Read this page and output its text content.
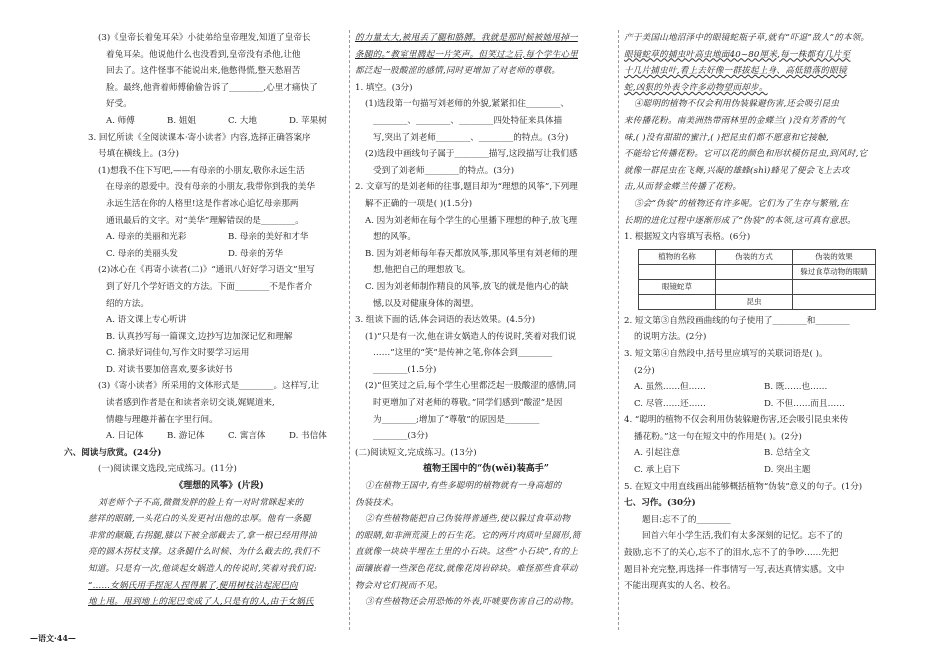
(3)《皇帝长着兔耳朵》小徒弟给皇帝理发,知道了皇帝长
着兔耳朵。他说他什么也没看到,皇帝没有杀他,让他
回去了。这件怪事不能说出来,他憋得慌,整天愁眉苦
脸。最终,他背着师傅偷偷告诉了________,心里才痛快了
好受。
A. 师傅	B. 姐姐	C. 大地	D. 苹果树
3. 回忆所读《全阅读课本·寄小读者》内容,选择正确答案序
号填在横线上。(3分)
(1)想我不住下写吧,——有母亲的小朋友,敬你永远生活
在母亲的恩爱中。没有母亲的小朋友,我带你到我的美华
永远生活在你的人格里!这是作者冰心追忆母亲那两
通讯最后的文字。对“美华”理解错误的是________。
A. 母亲的美丽和光彩	B. 母亲的美好和才华
C. 母亲的美丽头发	D. 母亲的芳华
(2)冰心在《再寄小读者(二)》“通讯八好好学习语文”里写
到了好几个学好语文的方法。下面________不是作者介
绍的方法。
A. 语文课上专心听讲
B. 认真抄写每一篇课文,边抄写边加深记忆和理解
C. 摘录好词佳句,写作文时要学习运用
D. 对读书要加倍喜欢,要多读好书
(3)《寄小读者》所采用的文体形式是________。这样写,让
读者感到作者是在和读者亲切交谈,娓娓道来,
情趣与理趣并蓄在字里行间。
A. 日记体	B. 游记体	C. 寓言体	D. 书信体
六、阅读与欣赏。(24分)
(一)阅读课文选段,完成练习。(11分)
《理想的风筝》(片段)
刘老师个子不高,微微发胖的脸上有一对时常眯起来的
慈祥的眼睛,一头花白的头发更衬出他的忠厚。他有一条腿
非常的颠簸,右拐腿,膝以下被全部截去了,拿一根已经用得油
亮的圆木拐杖支撑。这条腿什么时候、为什么截去的,我们不
知道。只是有一次,他谈起女娲造人的传说时,笑着对我们说:
“……女娲氏用手捏泥人捏得累了,便用树枝沾起泥巴向
地上甩。甩到地上的泥巴变成了人,只是有的人,由于女娲氏
的力量太大,被甩丢了腿和胳膊。我就是那时候被她甩掉一
条腿的。”教室里腾起一片笑声。但笑过之后,每个学生心里
都泛起一股酸涩的感情,同时更增加了对老师的尊敬。
1. 填空。(3分)
(1)选段第一句描写刘老师的外貌,紧紧扣住________、
________、________、________四处特征来具体描
写,突出了刘老师________、________的特点。(3分)
(2)选段中画线句子属于________描写,这段描写让我们感
受到了刘老师________的特点。(3分)
2. 文章写的是刘老师的往事,题目却为“理想的风筝”,下列理
解不正确的一项是( )(1.5分)
A. 因为刘老师在每个学生的心里播下理想的种子,放飞理
想的风筝。
B. 因为刘老师每年春天都放风筝,那风筝里有刘老师的理
想,他把自己的理想放飞。
C. 因为刘老师制作精良的风筝,放飞的就是他内心的缺
憾,以及对健康身体的渴望。
3. 组读下面的话,体会词语的表达效果。(4.5分)
(1)“只是有一次,他在讲女娲造人的传说时,笑着对我们说
……”这里的“笑”是传神之笔,你体会到________
________(1.5分)
(2)“但笑过之后,每个学生心里都泛起一股酸涩的感情,同
时更增加了对老师的尊敬。”同学们感到“酸涩”是因
为________;增加了“尊敬”的原因是________
________(3分)
(二)阅读短文,完成练习。(13分)
植物王国中的“伪(wěi)装高手”
①在植物王国中,有些多聪明的植物就有一身高超的
伪装技术。
②有些植物能把自己伪装得普通些,使以躲过食草动物
的眼睛,如非洲荒漠上的石生花。它的两片肉质叶呈圆形,简
直就像一块块半埋在土里的小石块。这些“小石块”,有的上
面镶嵌着一些深色花纹,就像花岗岩碎块。难怪那些食草动
物会对它们视而不见。
③有些植物还会用恐怖的外表,吓唬要伤害自己的动物。
产于美国山地沼泽中的眼镜蛇瓶子草,就有“吓退”敌人”的本领。
眼镜蛇草的捕虫叶高虫地面40~80厘米,每一株都有几片至
十几片捕虫叶,看上去好像一群拔起上身、高低错落的眼镜
蛇,凶狠的外表令许多动物望而却步。
④聪明的植物不仅会利用伪装躲避伤害,还会吸引昆虫
来传播花粉。南美洲热带雨林里的金蝶兰( )没有芳香的气
味,( )没有甜甜的蜜汁,( )把昆虫们都不愿意和它接触,
不能给它传播花粉。它可以花的颜色和形状模仿昆虫,到风时,它
就像一群昆虫在飞舞,兴凝的雄蜂(shì)蜂见了便会飞上去攻
击,从而替金蝶兰传播了花粉。
⑤会“伪装”的植物还有许多呢。它们为了生存与繁殖,在
长期的进化过程中逐渐形成了“伪装”的本领,这可真有意思。
1. 根据短文内容填写表格。(6分)
植物的名称	伪装的方式	伪装的效果
		躲过食草动物的眼睛
眼镜蛇草		
	昆虫	
2. 短文第③自然段画曲线的句子使用了________和________
的说明方法。(2分)
3. 短文第④自然段中,括号里应填写的关联词语是( )。
(2分)
A. 虽然……但……	B. 既……也……
C. 尽管……还……	D. 不但……而且……
4. “聪明的植物不仅会利用伪装躲避伤害,还会吸引昆虫来传
播花粉。”这一句在短文中的作用是( )。(2分)
A. 引起注意	B. 总结全文
C. 承上启下	D. 突出主题
5. 在短文中用直线画出能够概括植物“伪装”意义的句子。(1分)
七、习作。(30分)
题目:忘不了的________
回首六年小学生活,我们有太多深刻的记忆。忘不了的
鼓励,忘不了的关心,忘不了的泪水,忘不了的争吵……先把
题目补充完整,再选择一件事情写一写,表达真情实感。文中
不能出现真实的人名、校名。
—语文·44—
